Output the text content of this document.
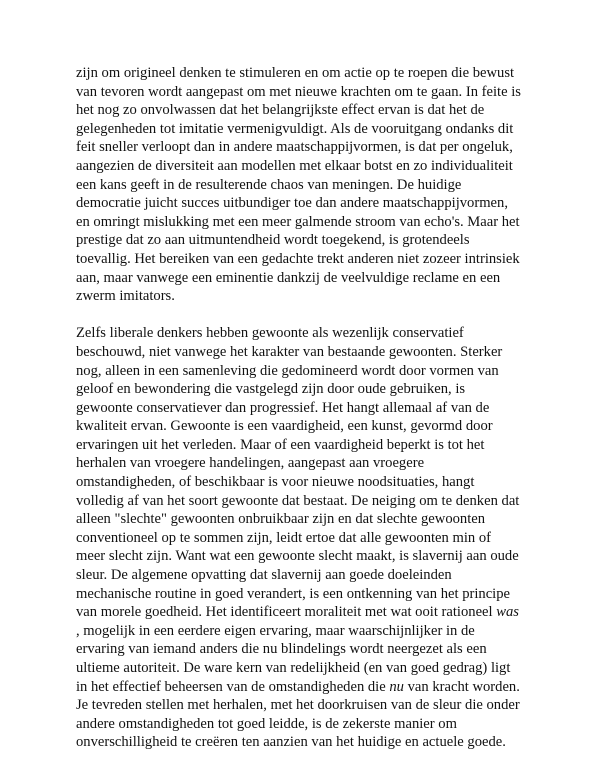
zijn om origineel denken te stimuleren en om actie op te roepen die bewust
van tevoren wordt aangepast om met nieuwe krachten om te gaan. In feite is
het nog zo onvolwassen dat het belangrijkste effect ervan is dat het de
gelegenheden tot imitatie vermenigvuldigt. Als de vooruitgang ondanks dit
feit sneller verloopt dan in andere maatschappijvormen, is dat per ongeluk,
aangezien de diversiteit aan modellen met elkaar botst en zo individualiteit
een kans geeft in de resulterende chaos van meningen. De huidige
democratie juicht succes uitbundiger toe dan andere maatschappijvormen,
en omringt mislukking met een meer galmende stroom van echo's. Maar het
prestige dat zo aan uitmuntendheid wordt toegekend, is grotendeels
toevallig. Het bereiken van een gedachte trekt anderen niet zozeer intrinsiek
aan, maar vanwege een eminentie dankzij de veelvuldige reclame en een
zwerm imitators.

Zelfs liberale denkers hebben gewoonte als wezenlijk conservatief
beschouwd, niet vanwege het karakter van bestaande gewoonten. Sterker
nog, alleen in een samenleving die gedomineerd wordt door vormen van
geloof en bewondering die vastgelegd zijn door oude gebruiken, is
gewoonte conservatiever dan progressief. Het hangt allemaal af van de
kwaliteit ervan. Gewoonte is een vaardigheid, een kunst, gevormd door
ervaringen uit het verleden. Maar of een vaardigheid beperkt is tot het
herhalen van vroegere handelingen, aangepast aan vroegere
omstandigheden, of beschikbaar is voor nieuwe noodsituaties, hangt
volledig af van het soort gewoonte dat bestaat. De neiging om te denken dat
alleen "slechte" gewoonten onbruikbaar zijn en dat slechte gewoonten
conventioneel op te sommen zijn, leidt ertoe dat alle gewoonten min of
meer slecht zijn. Want wat een gewoonte slecht maakt, is slavernij aan oude
sleur. De algemene opvatting dat slavernij aan goede doeleinden
mechanische routine in goed verandert, is een ontkenning van het principe
van morele goedheid. Het identificeert moraliteit met wat ooit rationeel was
, mogelijk in een eerdere eigen ervaring, maar waarschijnlijker in de
ervaring van iemand anders die nu blindelings wordt neergezet als een
ultieme autoriteit. De ware kern van redelijkheid (en van goed gedrag) ligt
in het effectief beheersen van de omstandigheden die nu van kracht worden.
Je tevreden stellen met herhalen, met het doorkruisen van de sleur die onder
andere omstandigheden tot goed leidde, is de zekerste manier om
onverschilligheid te creëren ten aanzien van het huidige en actuele goede.
